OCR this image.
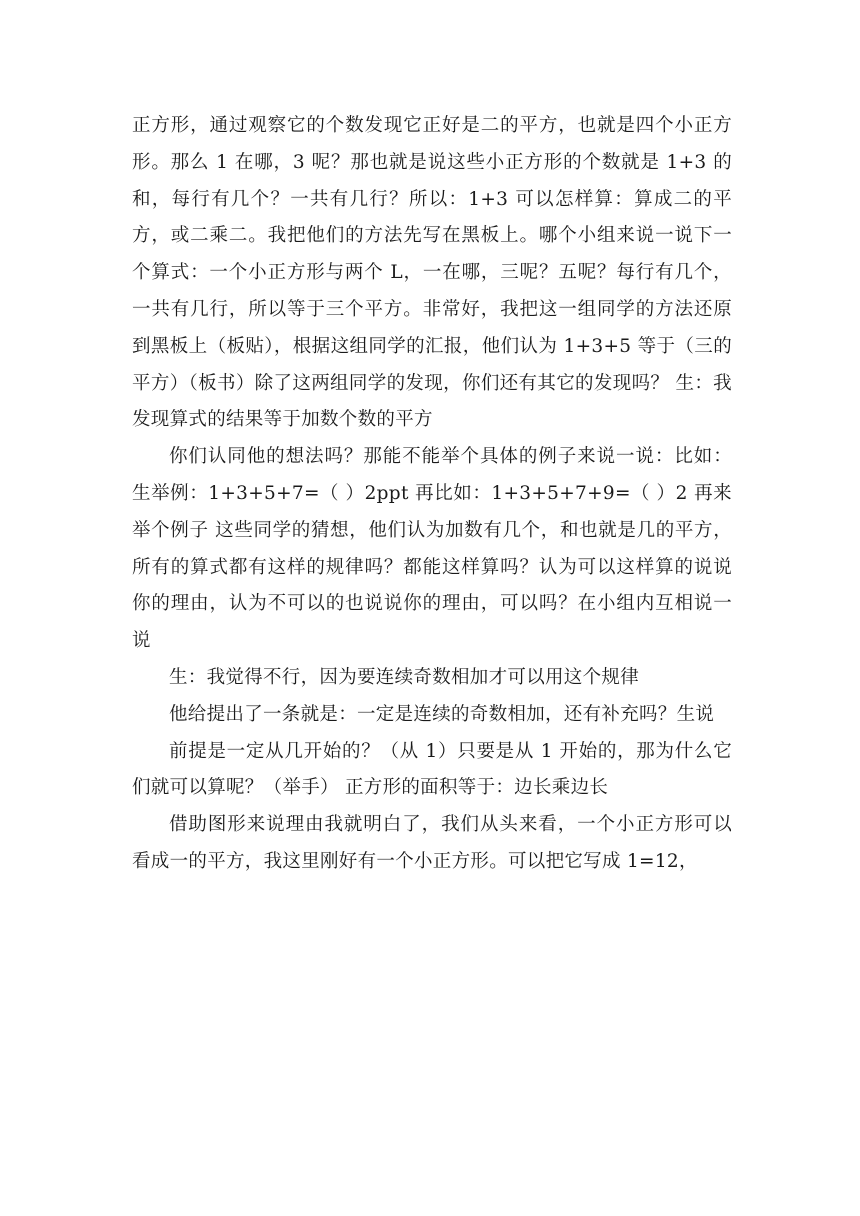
正方形，通过观察它的个数发现它正好是二的平方，也就是四个小正方形。那么 1 在哪，3 呢？那也就是说这些小正方形的个数就是 1+3 的和，每行有几个？一共有几行？所以：1+3 可以怎样算：算成二的平方，或二乘二。我把他们的方法先写在黑板上。哪个小组来说一说下一个算式：一个小正方形与两个 L，一在哪，三呢？五呢？每行有几个，一共有几行，所以等于三个平方。非常好，我把这一组同学的方法还原到黑板上（板贴），根据这组同学的汇报，他们认为 1+3+5 等于（三的平方）（板书）除了这两组同学的发现，你们还有其它的发现吗？ 生：我发现算式的结果等于加数个数的平方

你们认同他的想法吗？那能不能举个具体的例子来说一说：比如： 生举例：1+3+5+7=（ ）2ppt 再比如：1+3+5+7+9=（ ）2 再来举个例子 这些同学的猜想，他们认为加数有几个，和也就是几的平方，所有的算式都有这样的规律吗？都能这样算吗？认为可以这样算的说说你的理由，认为不可以的也说说你的理由，可以吗？在小组内互相说一说

生：我觉得不行，因为要连续奇数相加才可以用这个规律

他给提出了一条就是：一定是连续的奇数相加，还有补充吗？生说

前提是一定从几开始的？（从 1）只要是从 1 开始的，那为什么它们就可以算呢？（举手） 正方形的面积等于：边长乘边长

借助图形来说理由我就明白了，我们从头来看，一个小正方形可以看成一的平方，我这里刚好有一个小正方形。可以把它写成 1=12，
